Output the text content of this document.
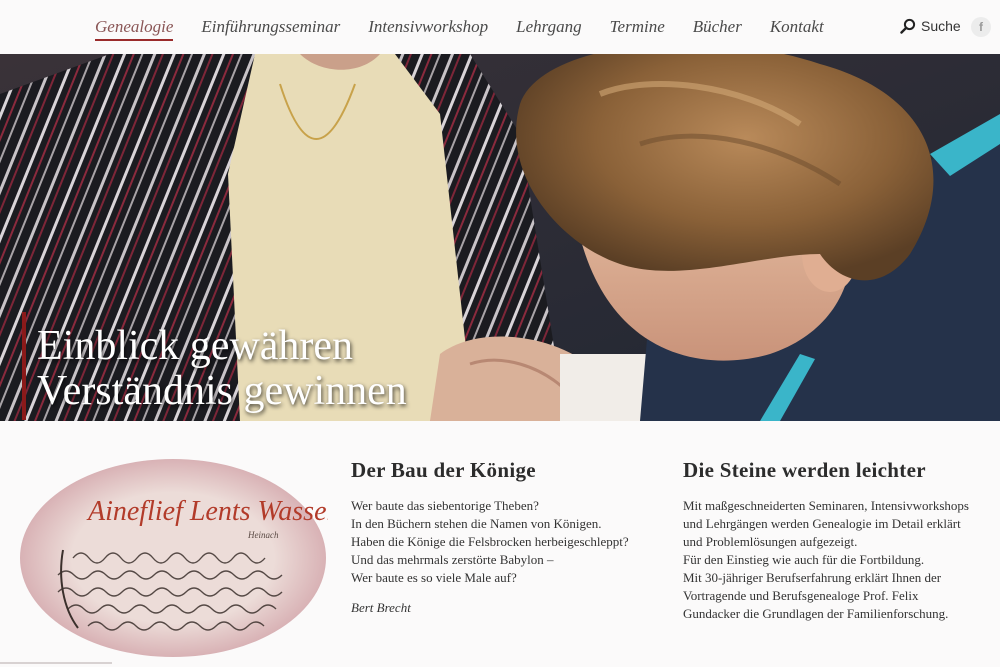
Genealogie Einführungsseminar Intensivworkshop Lehrgang Termine Bücher Kontakt	Suche	f
Einblick gewähren
Verständnis gewinnen
Aineflief Lents Wasser
Heinach
Der Bau der Könige

Wer baute das siebentorige Theben?

In den Büchern stehen die Namen von Königen.

Haben die Könige die Felsbrocken herbeigeschleppt?

Und das mehrmals zerstörte Babylon –

Wer baute es so viele Male auf?

Bert Brecht

Die Steine werden leichter

Mit maßgeschneiderten Seminaren, Intensivworkshops

und Lehrgängen werden Genealogie im Detail erklärt

und Problemlösungen aufgezeigt.

Für den Einstieg wie auch für die Fortbildung.

Mit 30-jähriger Berufserfahrung erklärt Ihnen der

Vortragende und Berufsgenealoge Prof. Felix

Gundacker die Grundlagen der Familienforschung.
